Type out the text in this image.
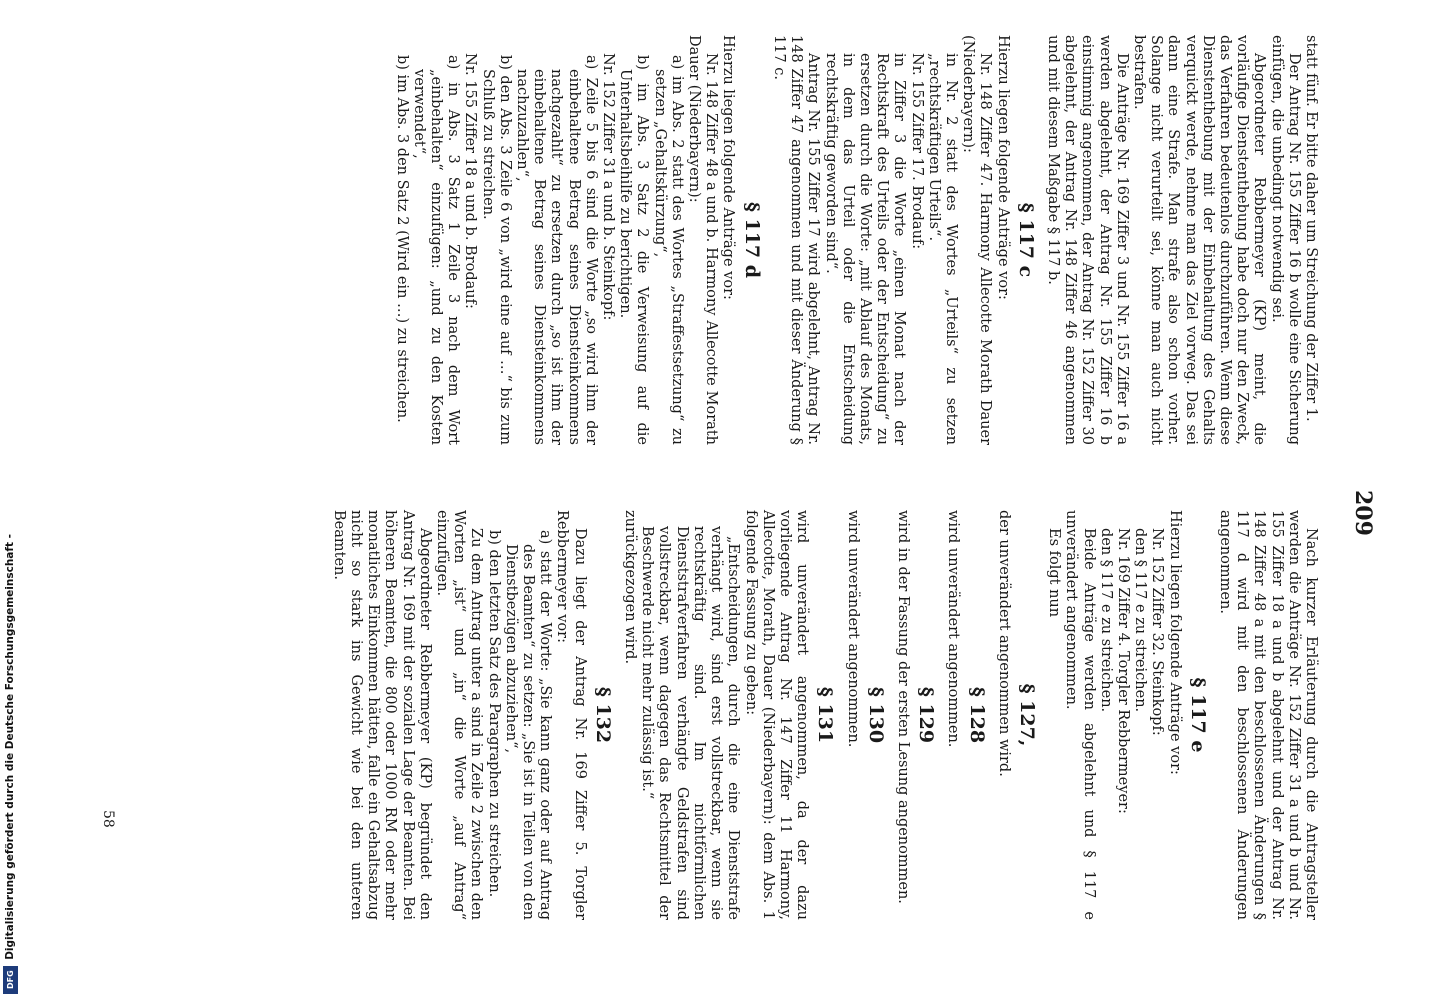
Digitalisierung gefördert durch die Deutsche Forschungsgemeinschaft -
DFG
209

statt fünf. Er bitte daher um Streichung der Ziffer 1.

Der Antrag Nr. 155 Ziffer 16 b wolle eine Sicherung einfügen, die unbedingt notwendig sei.

Abgeordneter Rebbermeyer (KP) meint, die vorläufige Dienstenthebung habe doch nur den Zweck, das Verfahren bedeutenlos durchzuführen. Wenn diese Dienstenthebung mit der Einbehaltung des Gehalts verquickt werde, nehme man das Ziel vorweg. Das sei dann eine Strafe. Man strafe also schon vorher. Solange nicht verurteilt sei, könne man auch nicht bestrafen.

Die Anträge Nr. 169 Ziffer 3 und Nr. 155 Ziffer 16 a werden abgelehnt, der Antrag Nr. 155 Ziffer 16 b einstimmig angenommen, der Antrag Nr. 152 Ziffer 30 abgelehnt, der Antrag Nr. 148 Ziffer 46 angenommen und mit diesem Maßgabe § 117 b.

§ 117 c

Hierzu liegen folgende Anträge vor:

Nr. 148 Ziffer 47. Harmony Allecotte Morath Dauer (Niederbayern):

in Nr. 2 statt des Wortes „Urteils“ zu setzen „rechtskräftigen Urteils“.

Nr. 155 Ziffer 17. Brodauf:

in Ziffer 3 die Worte „einen Monat nach der Rechtskraft des Urteils oder der Entscheidung“ zu ersetzen durch die Worte: „mit Ablauf des Monats, in dem das Urteil oder die Entscheidung rechtskräftig geworden sind“.

Antrag Nr. 155 Ziffer 17 wird abgelehnt, Antrag Nr. 148 Ziffer 47 angenommen und mit dieser Änderung § 117 c.

§ 117 d

Hierzu liegen folgende Anträge vor:

Nr. 148 Ziffer 48 a und b. Harmony Allecotte Morath Dauer (Niederbayern):

a) im Abs. 2 statt des Wortes „Straffestsetzung“ zu setzen „Gehaltskürzung“,

b) im Abs. 3 Satz 2 die Verweisung auf die Unterhaltsbeihilfe zu berichtigen.

Nr. 152 Ziffer 31 a und b. Steinkopf:

a) Zeile 5 bis 6 sind die Worte „so wird ihm der einbehaltene Betrag seines Diensteinkommens nachgezahlt“ zu ersetzen durch „so ist ihm der einbehaltene Betrag seines Diensteinkommens nachzuzahlen“,

b) den Abs. 3 Zeile 6 von „wird eine auf …“ bis zum Schluß zu streichen.

Nr. 155 Ziffer 18 a und b. Brodauf:

a) in Abs. 3 Satz 1 Zeile 3 nach dem Wort „einbehalten“ einzufügen: „und zu den Kosten verwendet“,

b) im Abs. 3 den Satz 2 (Wird ein …) zu streichen.

Nach kurzer Erläuterung durch die Antragsteller werden die Anträge Nr. 152 Ziffer 31 a und b und Nr. 155 Ziffer 18 a und b abgelehnt und der Antrag Nr. 148 Ziffer 48 a mit den beschlossenen Änderungen § 117 d wird mit den beschlossenen Änderungen angenommen.

§ 117 e

Hierzu liegen folgende Anträge vor:

Nr. 152 Ziffer 32. Steinkopf:

den § 117 e zu streichen.

Nr. 169 Ziffer 4. Torgler Rebbermeyer:

den § 117 e zu streichen.

Beide Anträge werden abgelehnt und § 117 e unverändert angenommen.

Es folgt nun

§ 127,

der unverändert angenommen wird.

§ 128

wird unverändert angenommen.

§ 129

wird in der Fassung der ersten Lesung angenommen.

§ 130

wird unverändert angenommen.

§ 131

wird unverändert angenommen, da der dazu vorliegende Antrag Nr. 147 Ziffer 11 Harmony, Allecotte, Morath, Dauer (Niederbayern): dem Abs. 1 folgende Fassung zu geben:

„Entscheidungen, durch die eine Dienststrafe verhängt wird, sind erst vollstreckbar, wenn sie rechtskräftig sind. Im nichtförmlichen Dienststrafverfahren verhängte Geldstrafen sind vollstreckbar, wenn dagegen das Rechtsmittel der Beschwerde nicht mehr zulässig ist.“

zurückgezogen wird.

§ 132

Dazu liegt der Antrag Nr. 169 Ziffer 5. Torgler Rebbermeyer vor:

a) statt der Worte: „Sie kann ganz oder auf Antrag des Beamten“ zu setzen: „Sie ist in Teilen von den Dienstbezügen abzuziehen“,

b) den letzten Satz des Paragraphen zu streichen.

Zu dem Antrag unter a sind in Zeile 2 zwischen den Worten „ist“ und „in“ die Worte „auf Antrag“ einzufügen.

Abgeordneter Rebbermeyer (KP) begründet den Antrag Nr. 169 mit der sozialen Lage der Beamten. Bei höheren Beamten, die 800 oder 1000 RM oder mehr monatliches Einkommen hätten, falle ein Gehaltsabzug nicht so stark ins Gewicht wie bei den unteren Beamten.

58
